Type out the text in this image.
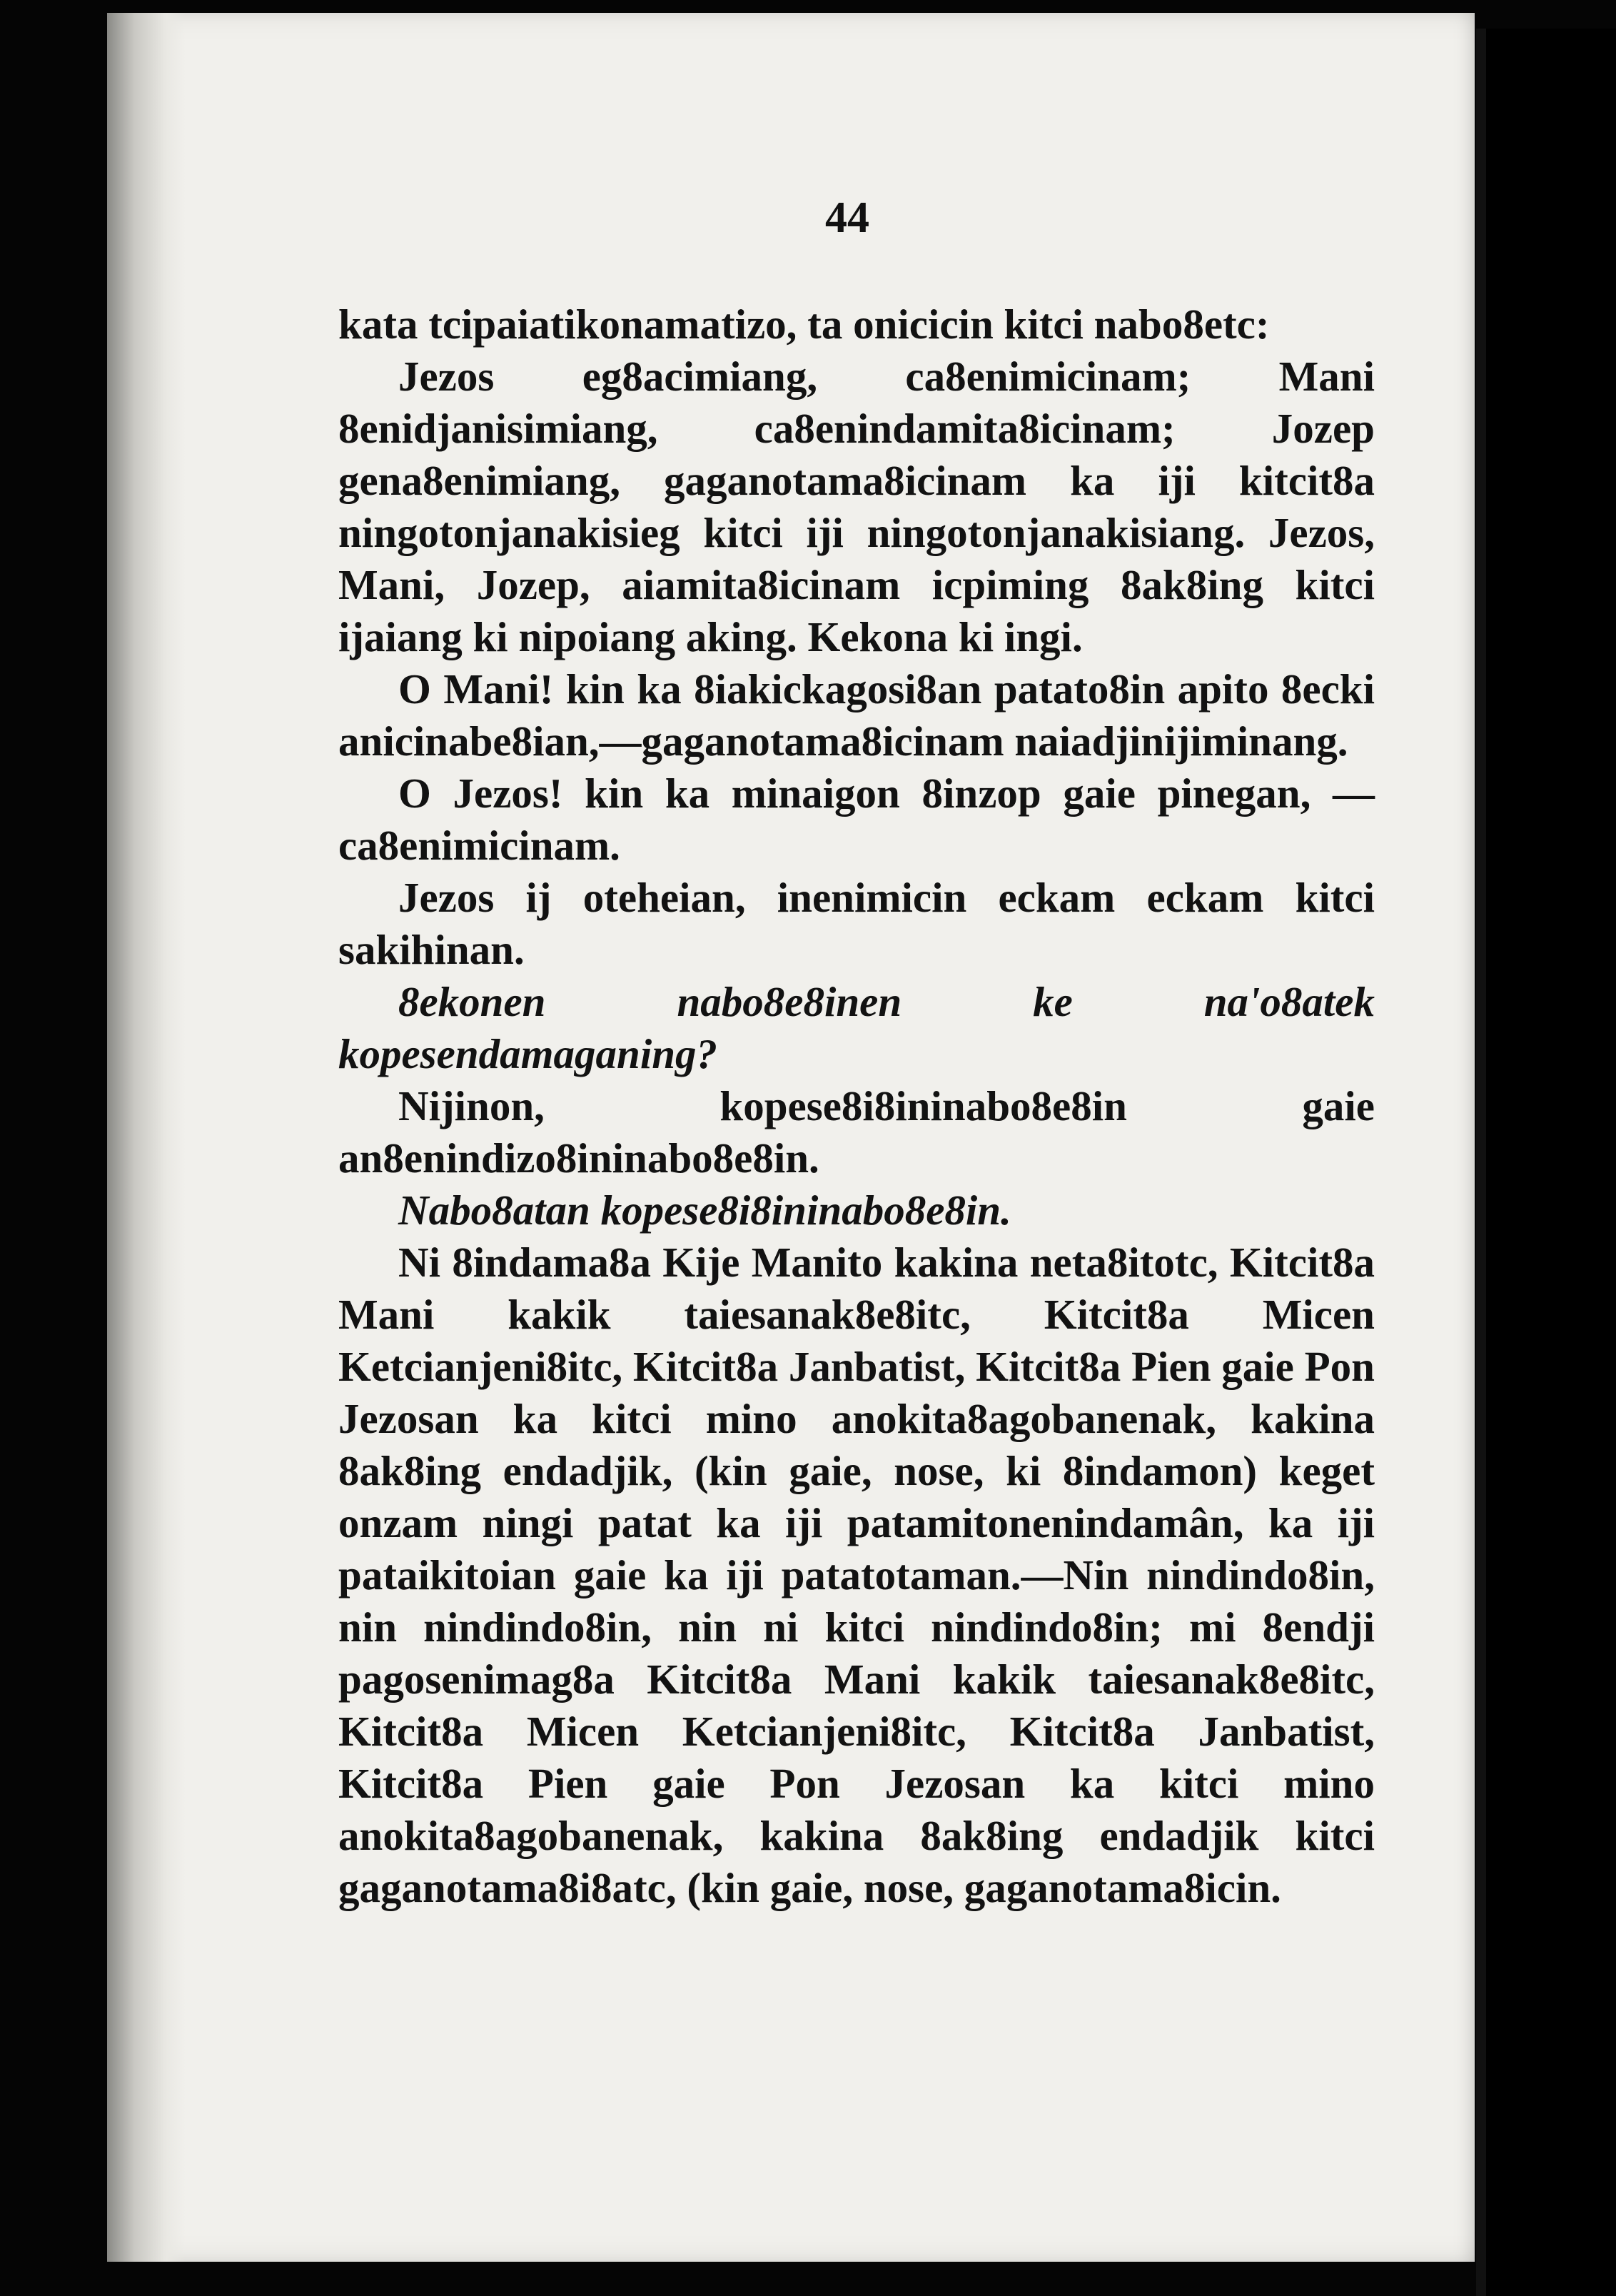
44

kata tcipaiatikonamatizo, ta onicicin kitci nabo8etc:

Jezos eg8acimiang, ca8enimicinam; Mani 8enidjanisimiang, ca8enindamita8icinam; Jozep gena8enimiang, gaganotama8icinam ka iji kitcit8a ningotonjanakisieg kitci iji ningotonjanakisiang. Jezos, Mani, Jozep, aiamita8icinam icpiming 8ak8ing kitci ijaiang ki nipoiang aking. Kekona ki ingi.

O Mani! kin ka 8iakickagosi8an patato8in apito 8ecki anicinabe8ian,—gaganotama8icinam naiadjinijiminang.

O Jezos! kin ka minaigon 8inzop gaie pinegan, —ca8enimicinam.

Jezos ij oteheian, inenimicin eckam eckam kitci sakihinan.

8ekonen nabo8e8inen ke na'o8atek kopesendamaganing?

Nijinon, kopese8i8ininabo8e8in gaie an8enindizo8ininabo8e8in.

Nabo8atan kopese8i8ininabo8e8in.

Ni 8indama8a Kije Manito kakina neta8itotc, Kitcit8a Mani kakik taiesanak8e8itc, Kitcit8a Micen Ketcianjeni8itc, Kitcit8a Janbatist, Kitcit8a Pien gaie Pon Jezosan ka kitci mino anokita8agobanenak, kakina 8ak8ing endadjik, (kin gaie, nose, ki 8indamon) keget onzam ningi patat ka iji patamitonenindamân, ka iji pataikitoian gaie ka iji patatotaman.—Nin nindindo8in, nin nindindo8in, nin ni kitci nindindo8in; mi 8endji pagosenimag8a Kitcit8a Mani kakik taiesanak8e8itc, Kitcit8a Micen Ketcianjeni8itc, Kitcit8a Janbatist, Kitcit8a Pien gaie Pon Jezosan ka kitci mino anokita8agobanenak, kakina 8ak8ing endadjik kitci gaganotama8i8atc, (kin gaie, nose, gaganotama8icin.
